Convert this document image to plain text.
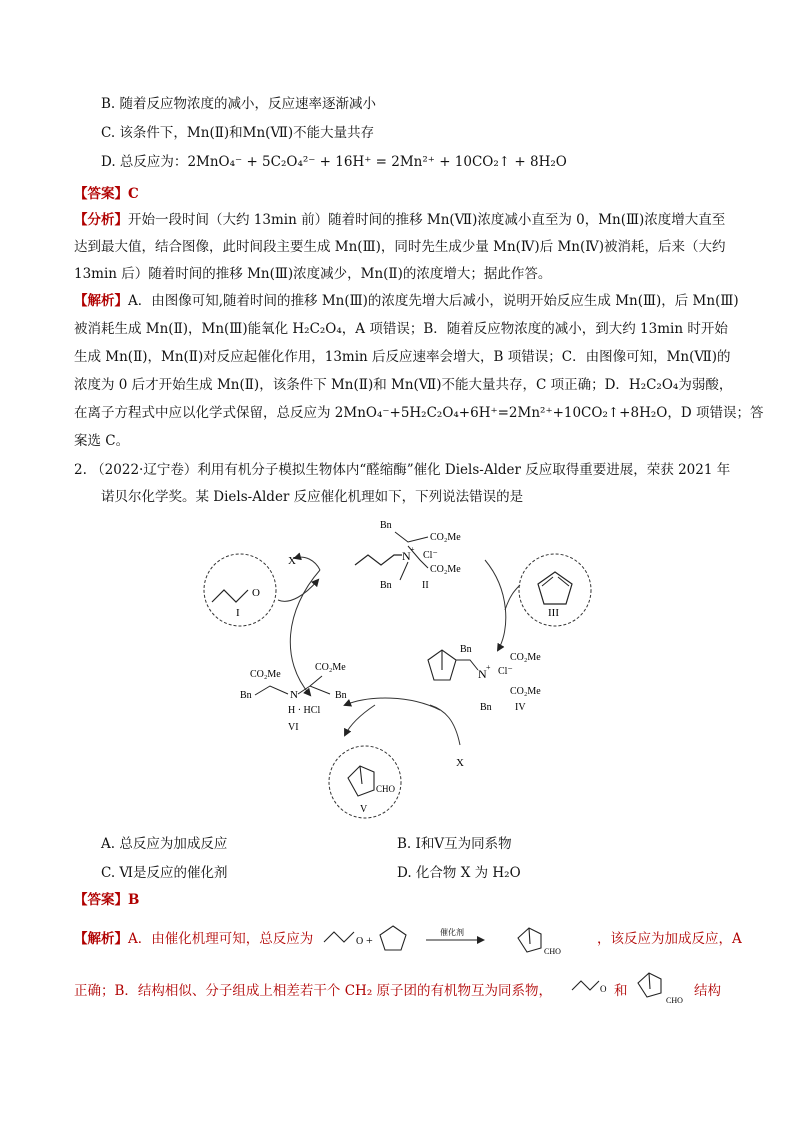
B. 随着反应物浓度的减小，反应速率逐渐减小
C. 该条件下，Mn(Ⅱ)和Mn(Ⅶ)不能大量共存
D. 总反应为：2MnO₄⁻ + 5C₂O₄²⁻ + 16H⁺ = 2Mn²⁺ + 10CO₂↑ + 8H₂O
【答案】C
【分析】开始一段时间（大约 13min 前）随着时间的推移 Mn(Ⅶ)浓度减小直至为 0，Mn(Ⅲ)浓度增大直至
达到最大值，结合图像，此时间段主要生成 Mn(Ⅲ)，同时先生成少量 Mn(Ⅳ)后 Mn(Ⅳ)被消耗，后来（大约
13min 后）随着时间的推移 Mn(Ⅲ)浓度减少，Mn(Ⅱ)的浓度增大；据此作答。
【解析】A．由图像可知,随着时间的推移 Mn(Ⅲ)的浓度先增大后减小，说明开始反应生成 Mn(Ⅲ)，后 Mn(Ⅲ)
被消耗生成 Mn(Ⅱ)，Mn(Ⅲ)能氧化 H₂C₂O₄，A 项错误；B．随着反应物浓度的减小，到大约 13min 时开始
生成 Mn(Ⅱ)，Mn(Ⅱ)对反应起催化作用，13min 后反应速率会增大，B 项错误；C．由图像可知，Mn(Ⅶ)的
浓度为 0 后才开始生成 Mn(Ⅱ)，该条件下 Mn(Ⅱ)和 Mn(Ⅶ)不能大量共存，C 项正确；D．H₂C₂O₄为弱酸，
在离子方程式中应以化学式保留，总反应为 2MnO₄⁻+5H₂C₂O₄+6H⁺=2Mn²⁺+10CO₂↑+8H₂O，D 项错误；答
案选 C。
2. （2022·辽宁卷）利用有机分子模拟生物体内“醛缩酶”催化 Diels-Alder 反应取得重要进展，荣获 2021 年
诺贝尔化学奖。某 Diels-Alder 反应催化机理如下，下列说法错误的是
O
I
X	N +
Bn
CO₂Me
Cl⁻
CO₂Me
Bn	II
III
N +
Bn
CO₂Me
Cl⁻
CO₂Me
Bn IV
CO₂Me
CO₂Me
Bn	N	Bn
H · HCl
VI
CHO
V
X
A. 总反应为加成反应	B. Ⅰ和Ⅴ互为同系物
C. Ⅵ是反应的催化剂	D. 化合物 X 为 H₂O
【答案】B
【解析】A．由催化机理可知，总反应为	O +
催化剂
CHO
，该反应为加成反应，A
正确；B．结构相似、分子组成上相差若干个 CH₂ 原子团的有机物互为同系物，	O 和
CHO
结构
